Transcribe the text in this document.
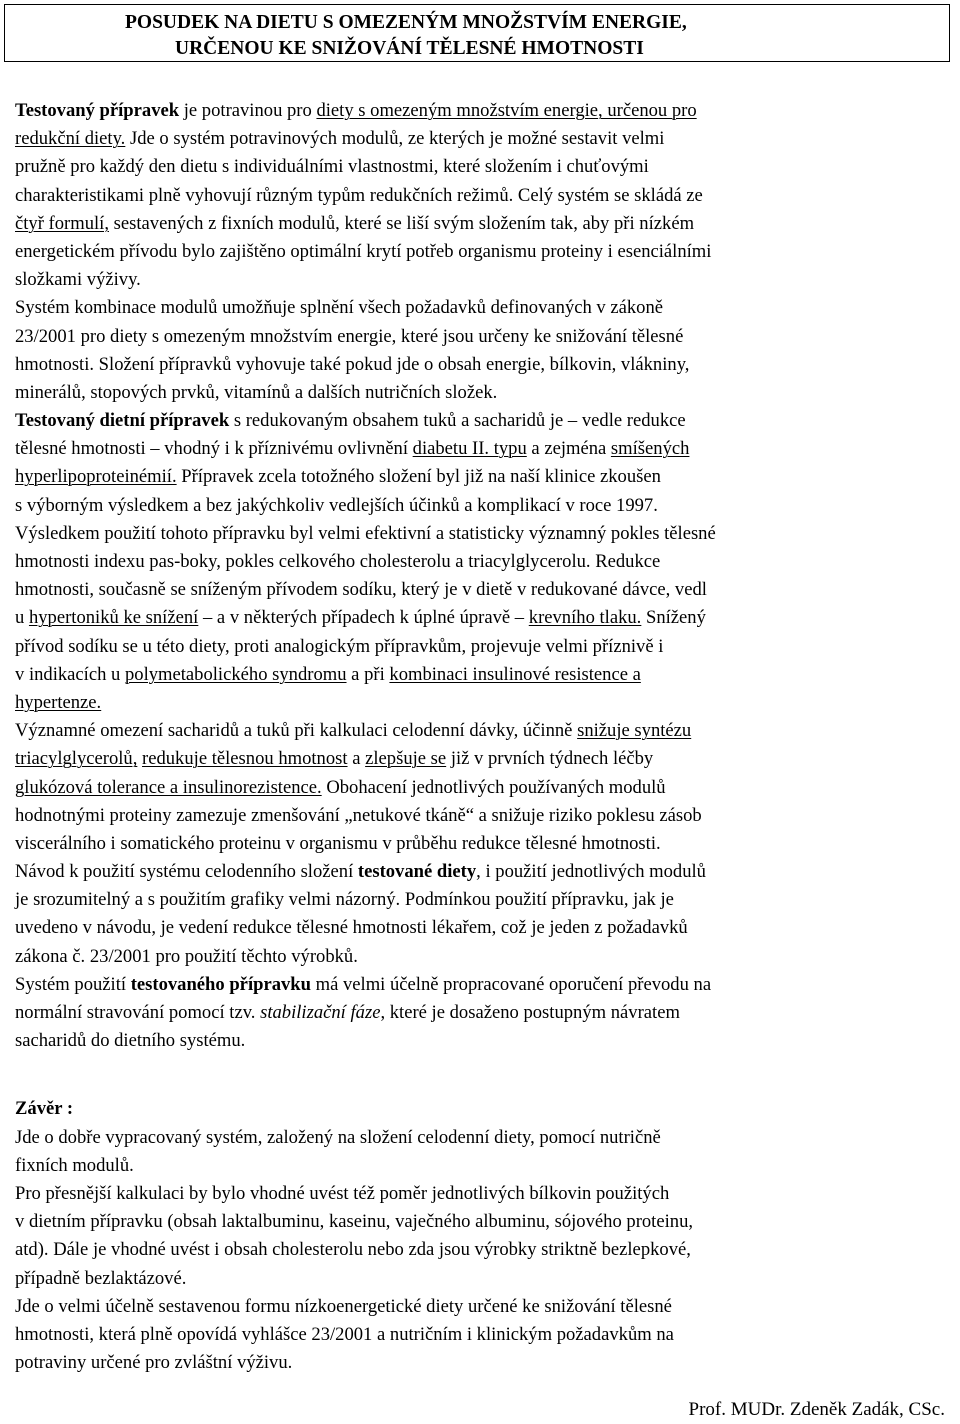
POSUDEK NA DIETU S OMEZENÝM MNOŽSTVÍM ENERGIE,
URČENOU KE SNIŽOVÁNÍ TĚLESNÉ HMOTNOSTI
Testovaný přípravek je potravinou pro diety s omezeným množstvím energie, určenou pro
redukční diety. Jde o systém potravinových modulů, ze kterých je možné sestavit velmi
pružně pro každý den dietu s individuálními vlastnostmi, které složením i chuťovými
charakteristikami plně vyhovují různým typům redukčních režimů. Celý systém se skládá ze
čtyř formulí, sestavených z fixních modulů, které se liší svým složením tak, aby při nízkém
energetickém přívodu bylo zajištěno optimální krytí potřeb organismu proteiny i esenciálními
složkami výživy.
Systém kombinace modulů umožňuje splnění všech požadavků definovaných v zákoně
23/2001 pro diety s omezeným množstvím energie, které jsou určeny ke snižování tělesné
hmotnosti. Složení přípravků vyhovuje také pokud jde o obsah energie, bílkovin, vlákniny,
minerálů, stopových prvků, vitamínů a dalších nutričních složek.
Testovaný dietní přípravek s redukovaným obsahem tuků a sacharidů je – vedle redukce
tělesné hmotnosti – vhodný i k příznivému ovlivnění diabetu II. typu a zejména smíšených
hyperlipoproteinémií. Přípravek zcela totožného složení byl již na naší klinice zkoušen
s výborným výsledkem a bez jakýchkoliv vedlejších účinků a komplikací v roce 1997.
Výsledkem použití tohoto přípravku byl velmi efektivní a statisticky významný pokles tělesné
hmotnosti indexu pas-boky, pokles celkového cholesterolu a triacylglycerolu. Redukce
hmotnosti, současně se sníženým přívodem sodíku, který je v dietě v redukované dávce, vedl
u hypertoniků ke snížení – a v některých případech k úplné úpravě – krevního tlaku. Snížený
přívod sodíku se u této diety, proti analogickým přípravkům, projevuje velmi příznivě i
v indikacích u polymetabolického syndromu a při kombinaci insulinové resistence a
hypertenze.
Významné omezení sacharidů a tuků při kalkulaci celodenní dávky, účinně snižuje syntézu
triacylglycerolů, redukuje tělesnou hmotnost a zlepšuje se již v prvních týdnech léčby
glukózová tolerance a insulinorezistence. Obohacení jednotlivých používaných modulů
hodnotnými proteiny zamezuje zmenšování „netukové tkáně“ a snižuje riziko poklesu zásob
viscerálního i somatického proteinu v organismu v průběhu redukce tělesné hmotnosti.
Návod k použití systému celodenního složení testované diety, i použití jednotlivých modulů
je srozumitelný a s použitím grafiky velmi názorný. Podmínkou použití přípravku, jak je
uvedeno v návodu, je vedení redukce tělesné hmotnosti lékařem, což je jeden z požadavků
zákona č. 23/2001 pro použití těchto výrobků.
Systém použití testovaného přípravku má velmi účelně propracované oporučení převodu na
normální stravování pomocí tzv. stabilizační fáze, které je dosaženo postupným návratem
sacharidů do dietního systému.
Závěr :
Jde o dobře vypracovaný systém, založený na složení celodenní diety, pomocí nutričně
fixních modulů.
Pro přesnější kalkulaci by bylo vhodné uvést též poměr jednotlivých bílkovin použitých
v dietním přípravku (obsah laktalbuminu, kaseinu, vaječného albuminu, sójového proteinu,
atd). Dále je vhodné uvést i obsah cholesterolu nebo zda jsou výrobky striktně bezlepkové,
případně bezlaktázové.
Jde o velmi účelně sestavenou formu nízkoenergetické diety určené ke snižování tělesné
hmotnosti, která plně opovídá vyhlášce 23/2001 a nutričním i klinickým požadavkům na
potraviny určené pro zvláštní výživu.
Prof. MUDr. Zdeněk Zadák, CSc.
